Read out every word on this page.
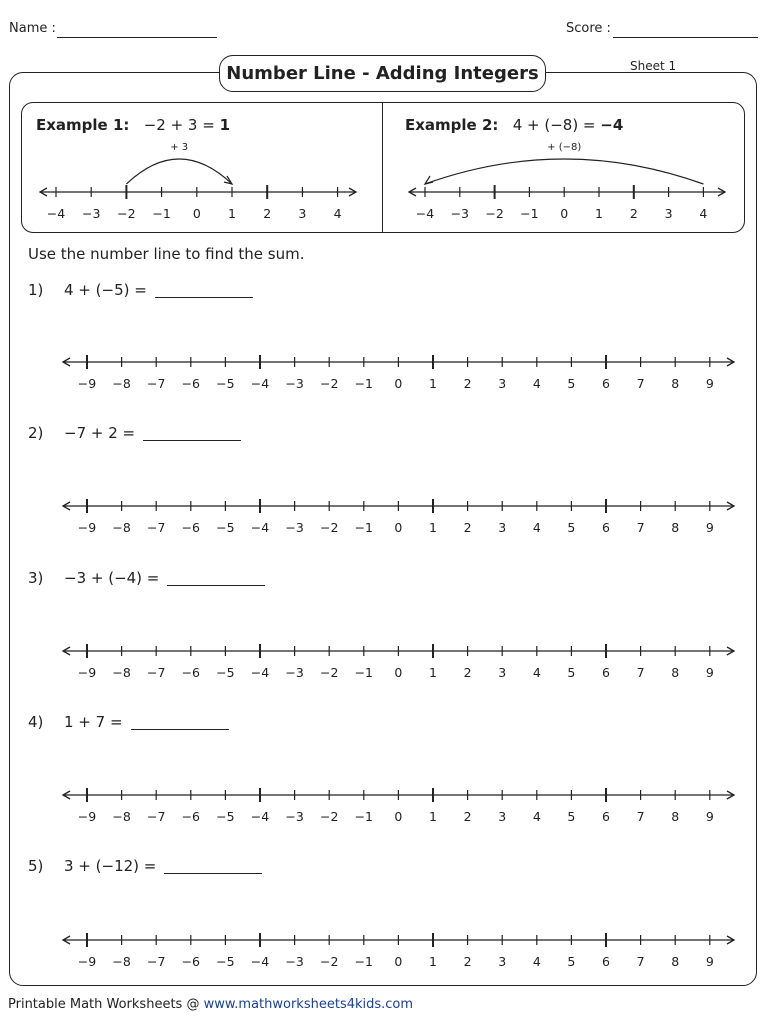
Name :	Score :
Number Line - Adding Integers	Sheet 1
Example 1: −2 + 3 = 1	Example 2: 4 + (−8) = −4
−4 −3 −2 −1 0 1 2 3 4
+ 3
−4 −3 −2 −1 0 1 2 3 4
+ (−8)
Use the number line to find the sum.
1) 4 + (−5) =
2) −7 + 2 =
3) −3 + (−4) =
4) 1 + 7 =
5) 3 + (−12) =
−9 −8 −7 −6 −5 −4 −3 −2 −1 0 1 2 3 4 5 6 7 8 9
−9 −8 −7 −6 −5 −4 −3 −2 −1 0 1 2 3 4 5 6 7 8 9
−9 −8 −7 −6 −5 −4 −3 −2 −1 0 1 2 3 4 5 6 7 8 9
−9 −8 −7 −6 −5 −4 −3 −2 −1 0 1 2 3 4 5 6 7 8 9
−9 −8 −7 −6 −5 −4 −3 −2 −1 0 1 2 3 4 5 6 7 8 9
Printable Math Worksheets @ www.mathworksheets4kids.com
